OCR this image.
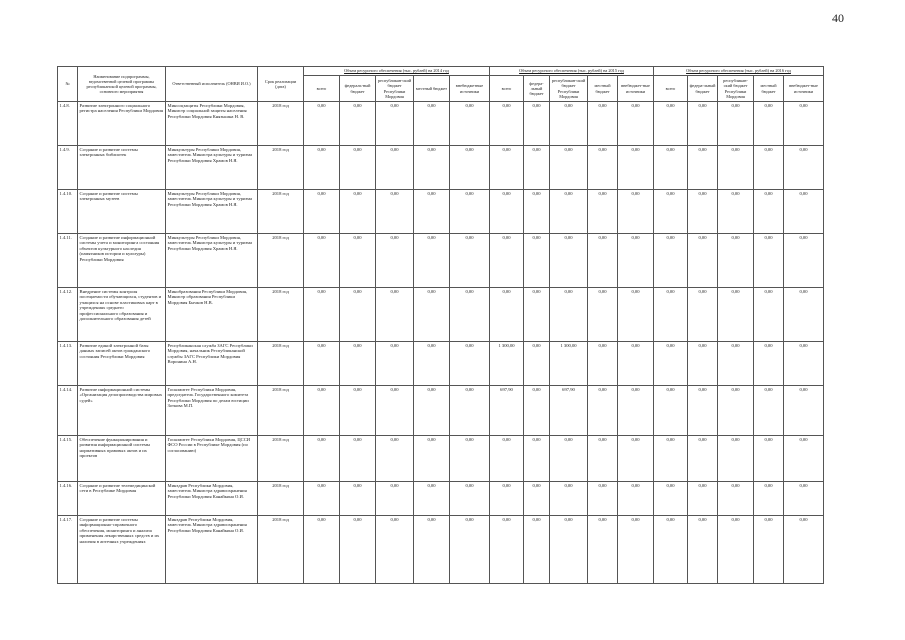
40
№	Наименование подпрограммы, ведомственной целевой программы республиканской целевой программы, основного мероприятия	Ответственный исполнитель (ОНВИ И.О.)	Срок реализации (дата)	Объем ресурсного обеспечения (тыс. рублей) на 2014 год					Объем ресурсного обеспечения (тыс. рублей) на 2015 год					Объем ресурсного обеспечения (тыс. рублей) на 2016 год				
				всего	федераль-ный бюджет	республикан-ский бюджет Республики Мордовия	местный бюджет	внебюджетные источники	всего	федера-льный бюджет	республикан-ский бюджет Республики Мордовия	местный бюджет	внебюджет-ные источники	всего	федера-льный бюджет	республикан-ский бюджет Республики Мордовия	местный бюджет	внебюджет-ные источники
1.4.8.	Развитие электронного социального регистра населения Республики Мордовия	Минсоцзащиты Республики Мордовия, Министр социальной защиты населения Республики Мордовия Князькина Н. В.	2018 год	0,00	0,00	0,00	0,00	0,00	0,00	0,00	0,00	0,00	0,00	0,00	0,00	0,00	0,00	0,00
1.4.9.	Создание и развитие системы электронных библиотек	Минкультуры Республики Мордовия, заместитель Министра культуры и туризма Республики Мордовия Храмов Н.Я.	2018 год	0,00	0,00	0,00	0,00	0,00	0,00	0,00	0,00	0,00	0,00	0,00	0,00	0,00	0,00	0,00
1.4.10.	Создание и развитие системы электронных музеев	Минкультуры Республики Мордовия, заместитель Министра культуры и туризма Республики Мордовия Храмов Н.Я.	2018 год	0,00	0,00	0,00	0,00	0,00	0,00	0,00	0,00	0,00	0,00	0,00	0,00	0,00	0,00	0,00
1.4.11.	Создание и развитие информационной системы учета и мониторинга состояния объектов культурного наследия (памятников истории и культуры) Республики Мордовия	Минкультуры Республики Мордовия, заместитель Министра культуры и туризма Республики Мордовия Храмов Н.Я.	2018 год	0,00	0,00	0,00	0,00	0,00	0,00	0,00	0,00	0,00	0,00	0,00	0,00	0,00	0,00	0,00
1.4.12.	Внедрение системы контроля посещаемости обучающихся, студентов и учащихся на основе пластиковых карт в учреждениях среднего профессионального образования и дополнительного образования детей	Минобразования Республики Мордовия, Министр образования Республики Мордовия Бычков Н.В.	2018 год	0,00	0,00	0,00	0,00	0,00	0,00	0,00	0,00	0,00	0,00	0,00	0,00	0,00	0,00	0,00
1.4.13.	Развитие единой электронной базы данных записей актов гражданского состояния Республики Мордовия	Республиканская служба ЗАГС Республики Мордовия, начальник Республиканской службы ЗАГС Республики Мордовия Воронина А.Н.	2018 год	0,00	0,00	0,00	0,00	0,00	1 300,00	0,00	1 300,00	0,00	0,00	0,00	0,00	0,00	0,00	0,00
1.4.14.	Развитие информационной системы «Организация делопроизводства мировых судей»	Госкомитет Республики Мордовия, председатель Государственного комитета Республики Мордовия по делам юстиции Зоткова М.П.	2018 год	0,00	0,00	0,00	0,00	0,00	697,90	0,00	697,90	0,00	0,00	0,00	0,00	0,00	0,00	0,00
1.4.15.	Обеспечение функционирования и развития информационной системы нормативных правовых актов и их проектов	Госкомитет Республики Мордовия, ЦССИ ФСО России в Республике Мордовия (по согласованию)	2018 год	0,00	0,00	0,00	0,00	0,00	0,00	0,00	0,00	0,00	0,00	0,00	0,00	0,00	0,00	0,00
1.4.16.	Создание и развитие телемедицинской сети в Республике Мордовия	Минздрав Республики Мордовия, заместитель Министра здравоохранения Республики Мордовия Канайкина О.И.	2018 год	0,00	0,00	0,00	0,00	0,00	0,00	0,00	0,00	0,00	0,00	0,00	0,00	0,00	0,00	0,00
1.4.17.	Создание и развитие системы информационно-справочного обеспечения, мониторинга и анализа применения лекарственных средств и их наличия в аптечных учреждениях	Минздрав Республики Мордовия, заместитель Министра здравоохранения Республики Мордовия Канайкина О.И.	2018 год	0,00	0,00	0,00	0,00	0,00	0,00	0,00	0,00	0,00	0,00	0,00	0,00	0,00	0,00	0,00
